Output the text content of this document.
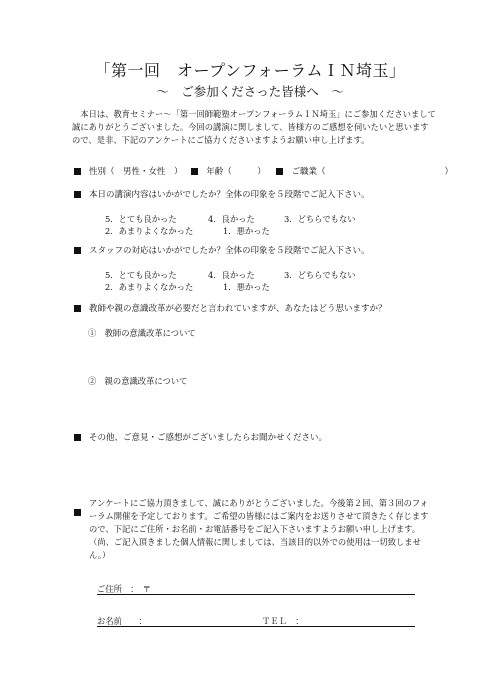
「第一回　オープンフォーラムＩＮ埼玉」
～　ご参加くださった皆様へ　～
本日は、教育セミナー～「第一回師範塾オープンフォーラムＩＮ埼玉」にご参加くださいまして誠にありがとうございました。今回の講演に関しまして、皆様方のご感想を伺いたいと思いますので、是非、下記のアンケートにご協力くださいますようお願い申し上げます。
性別（　男性・女性　）	年齢（　　　）	ご職業（　　　　　　　　　　　　　　）
本日の講演内容はいかがでしたか？全体の印象を５段階でご記入下さい。
5．とても良かった	4．良かった	3．どちらでもない
2．あまりよくなかった	1．悪かった
スタッフの対応はいかがでしたか？全体の印象を５段階でご記入下さい。
5．とても良かった	4．良かった	3．どちらでもない
2．あまりよくなかった	1．悪かった
教師や親の意識改革が必要だと言われていますが、あなたはどう思いますか？
①　教師の意識改革について
②　親の意識改革について
その他、ご意見・ご感想がございましたらお聞かせください。
アンケートにご協力頂きまして、誠にありがとうございました。今後第２回、第３回のフォーラム開催を予定しております。ご希望の皆様にはご案内をお送りさせて頂きたく存じますので、下記にご住所・お名前・お電話番号をご記入下さいますようお願い申し上げます。（尚、ご記入頂きました個人情報に関しましては、当該目的以外での使用は一切致しません。）
ご住所　：　〒
お名前　　：	ＴＥＬ　：
